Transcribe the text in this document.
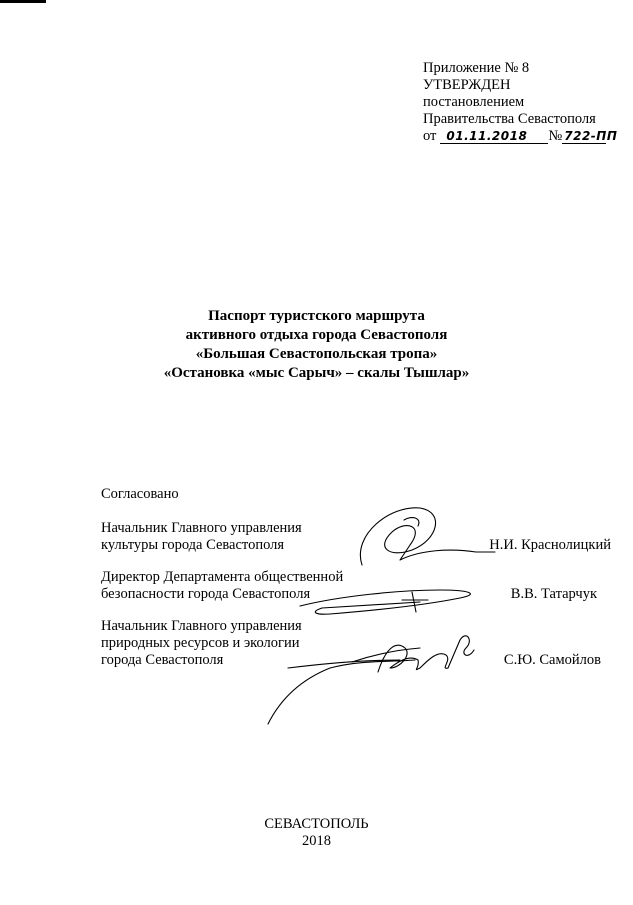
Приложение № 8
УТВЕРЖДЕН
постановлением
Правительства Севастополя
от 01.11.2018	№ 722-ПП
Паспорт туристского маршрута
активного отдыха города Севастополя
«Большая Севастопольская тропа»
«Остановка «мыс Сарыч» – скалы Тышлар»
Согласовано
Начальник Главного управления
культуры города Севастополя	Н.И. Краснолицкий
Директор Департамента общественной
безопасности города Севастополя	В.В. Татарчук
Начальник Главного управления
природных ресурсов и экологии
города Севастополя	С.Ю. Самойлов
СЕВАСТОПОЛЬ
2018
